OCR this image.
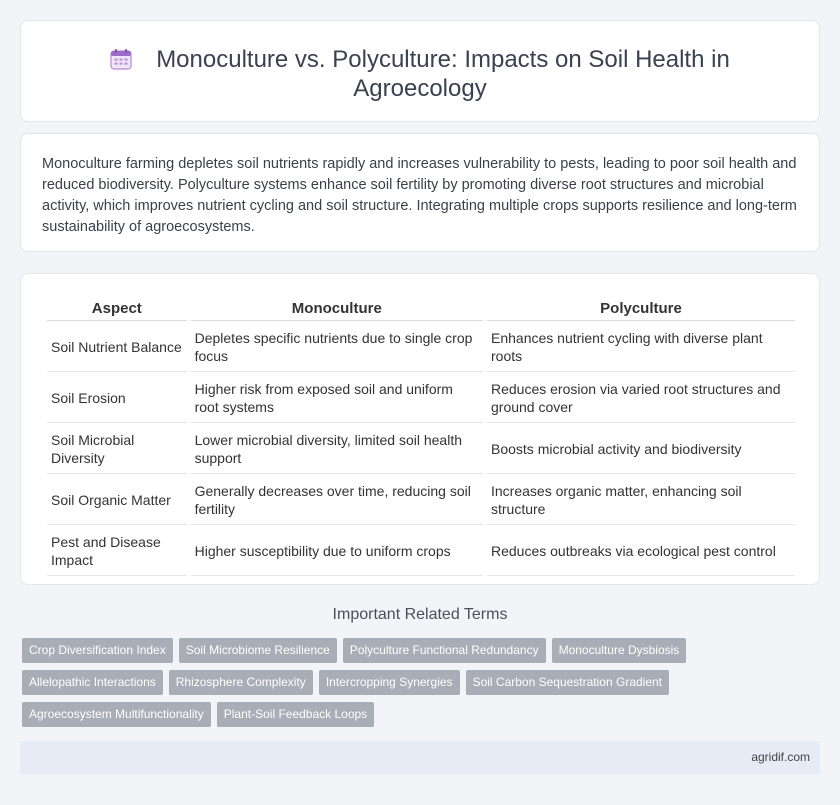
Monoculture vs. Polyculture: Impacts on Soil Health in Agroecology

Monoculture farming depletes soil nutrients rapidly and increases vulnerability to pests, leading to poor soil health and reduced biodiversity. Polyculture systems enhance soil fertility by promoting diverse root structures and microbial activity, which improves nutrient cycling and soil structure. Integrating multiple crops supports resilience and long-term sustainability of agroecosystems.

Aspect	Monoculture	Polyculture
Soil Nutrient Balance	Depletes specific nutrients due to single crop focus	Enhances nutrient cycling with diverse plant roots
Soil Erosion	Higher risk from exposed soil and uniform root systems	Reduces erosion via varied root structures and ground cover
Soil Microbial Diversity	Lower microbial diversity, limited soil health support	Boosts microbial activity and biodiversity
Soil Organic Matter	Generally decreases over time, reducing soil fertility	Increases organic matter, enhancing soil structure
Pest and Disease Impact	Higher susceptibility due to uniform crops	Reduces outbreaks via ecological pest control
Important Related Terms
Crop Diversification Index	Soil Microbiome Resilience	Polyculture Functional Redundancy	Monoculture Dysbiosis
Allelopathic Interactions	Rhizosphere Complexity	Intercropping Synergies	Soil Carbon Sequestration Gradient
Agroecosystem Multifunctionality	Plant-Soil Feedback Loops
agridif.com
